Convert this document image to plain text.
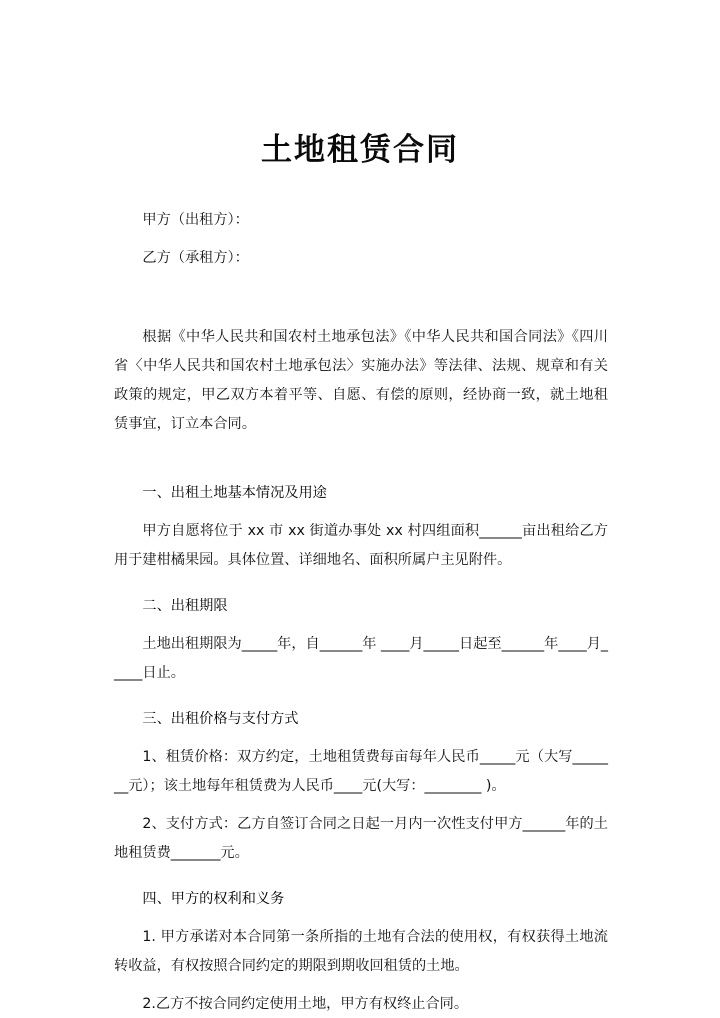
土地租赁合同

甲方（出租方）：

乙方（承租方）：

根据《中华人民共和国农村土地承包法》《中华人民共和国合同法》《四川省〈中华人民共和国农村土地承包法〉实施办法》等法律、法规、规章和有关政策的规定，甲乙双方本着平等、自愿、有偿的原则，经协商一致，就土地租赁事宜，订立本合同。

一、出租土地基本情况及用途

甲方自愿将位于 xx 市 xx 街道办事处 xx 村四组面积______亩出租给乙方用于建柑橘果园。具体位置、详细地名、面积所属户主见附件。

二、出租期限

土地出租期限为_____年，自______年 ____月_____日起至______年____月_____日止。

三、出租价格与支付方式

1、租赁价格：双方约定，土地租赁费每亩每年人民币_____元（大写_______元）；该土地每年租赁费为人民币____元(大写：________ )。

2、支付方式：乙方自签订合同之日起一月内一次性支付甲方______年的土地租赁费_______元。

四、甲方的权利和义务

1. 甲方承诺对本合同第一条所指的土地有合法的使用权，有权获得土地流转收益，有权按照合同约定的期限到期收回租赁的土地。

2.乙方不按合同约定使用土地，甲方有权终止合同。
